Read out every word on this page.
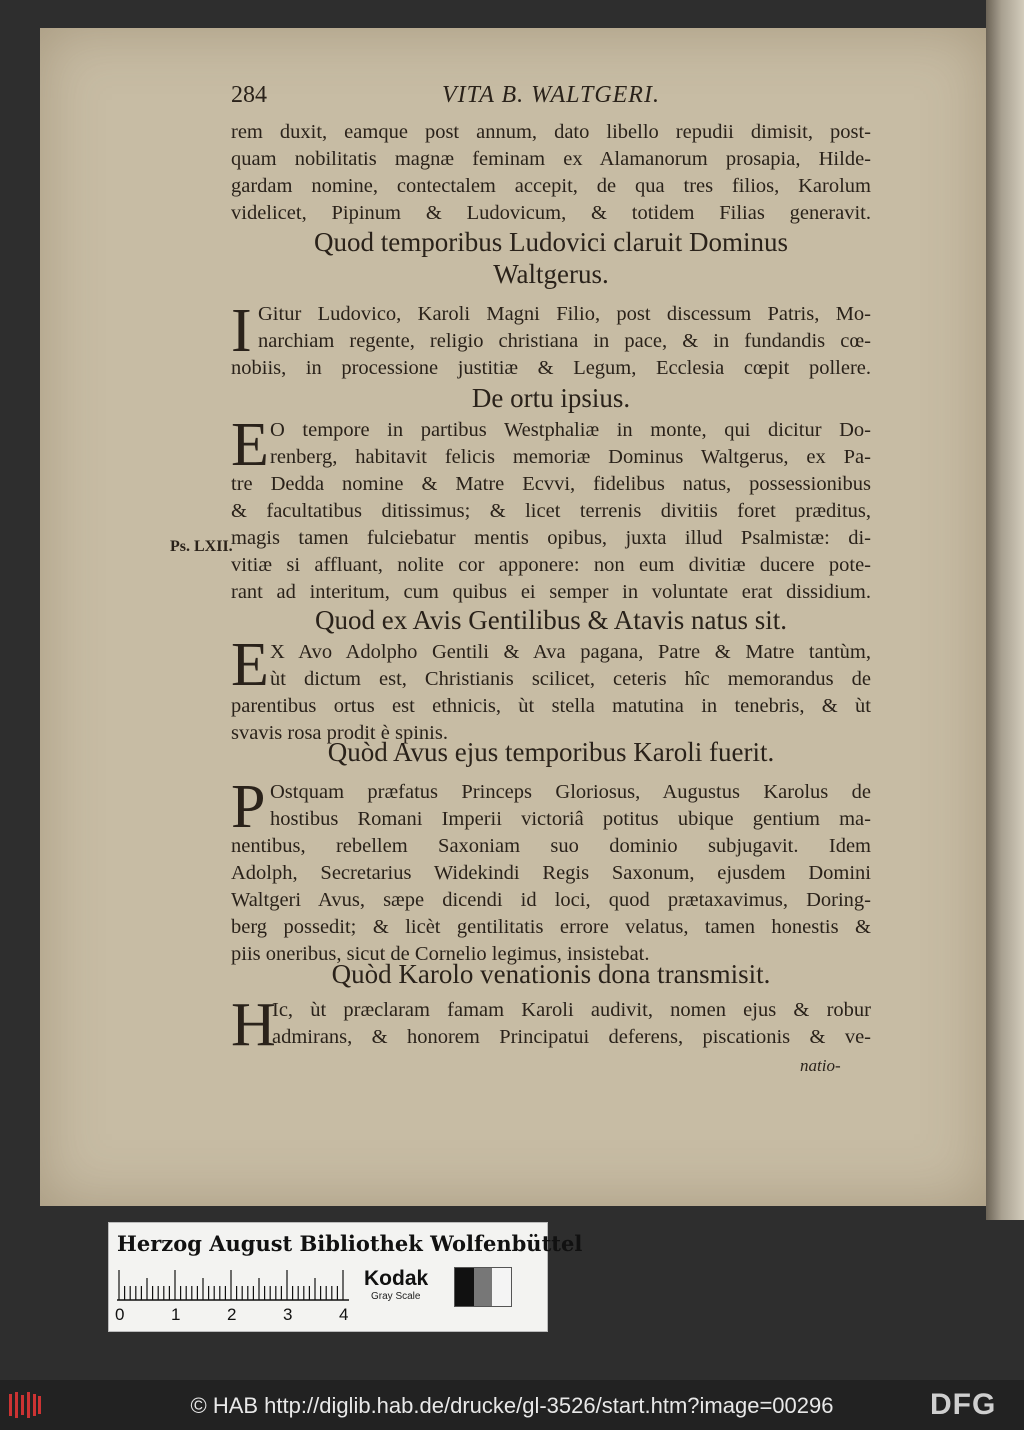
284	VITA B. WALTGERI.
rem duxit, eamque post annum, dato libello repudii dimisit, post-
quam nobilitatis magnæ feminam ex Alamanorum prosapia, Hilde-
gardam nomine, contectalem accepit, de qua tres filios, Karolum
videlicet, Pipinum & Ludovicum, & totidem Filias generavit.
Quod temporibus Ludovici claruit Dominus
Waltgerus.
I Gitur Ludovico, Karoli Magni Filio, post discessum Patris, Mo-
narchiam regente, religio christiana in pace, & in fundandis cœ-
nobiis, in processione justitiæ & Legum, Ecclesia cœpit pollere.
De ortu ipsius.
E O tempore in partibus Westphaliæ in monte, qui dicitur Do-
renberg, habitavit felicis memoriæ Dominus Waltgerus, ex Pa-
tre Dedda nomine & Matre Ecvvi, fidelibus natus, possessionibus
& facultatibus ditissimus; & licet terrenis divitiis foret præditus,
magis tamen fulciebatur mentis opibus, juxta illud Psalmistæ: di-
Ps. LXII.
vitiæ si affluant, nolite cor apponere: non eum divitiæ ducere pote-
rant ad interitum, cum quibus ei semper in voluntate erat dissidium.
Quod ex Avis Gentilibus & Atavis natus sit.
E X Avo Adolpho Gentili & Ava pagana, Patre & Matre tantùm,
ùt dictum est, Christianis scilicet, ceteris hîc memorandus de
parentibus ortus est ethnicis, ùt stella matutina in tenebris, & ùt
svavis rosa prodit è spinis.
Quòd Avus ejus temporibus Karoli fuerit.
P Ostquam præfatus Princeps Gloriosus, Augustus Karolus de
hostibus Romani Imperii victoriâ potitus ubique gentium ma-
nentibus, rebellem Saxoniam suo dominio subjugavit. Idem
Adolph, Secretarius Widekindi Regis Saxonum, ejusdem Domini
Waltgeri Avus, sæpe dicendi id loci, quod prætaxavimus, Doring-
berg possedit; & licèt gentilitatis errore velatus, tamen honestis &
piis oneribus, sicut de Cornelio legimus, insistebat.
Quòd Karolo venationis dona transmisit.
H
Ic, ùt præclaram famam Karoli audivit, nomen ejus & robur
admirans, & honorem Principatui deferens, piscationis & ve-
natio-
Herzog August Bibliothek Wolfenbüttel
0	1	2	3	4
Kodak
Gray Scale
© HAB http://diglib.hab.de/drucke/gl-3526/start.htm?image=00296	DFG
